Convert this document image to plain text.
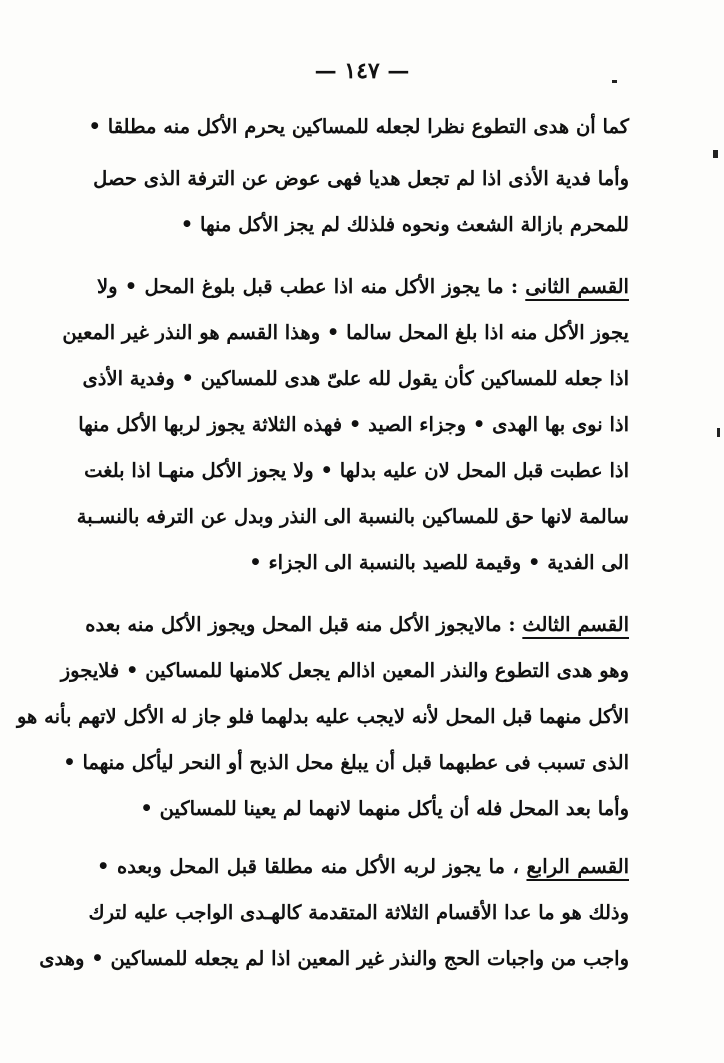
— ١٤٧ —
كما أن هدى التطوع نظرا لجعله للمساكين يحرم الأكل منه مطلقا •
وأما فدية الأذى اذا لم تجعل هديا فهى عوض عن الترفة الذى حصل
للمحرم بازالة الشعث ونحوه فلذلك لم يجز الأكل منها •
القسم الثانى : ما يجوز الأكل منه اذا عطب قبل بلوغ المحل • ولا
يجوز الأكل منه اذا بلغ المحل سالما • وهذا القسم هو النذر غير المعين
اذا جعله للمساكين كأن يقول لله علىّ هدى للمساكين • وفدية الأذى
اذا نوى بها الهدى • وجزاء الصيد • فهذه الثلاثة يجوز لربها الأكل منها
اذا عطبت قبل المحل لان عليه بدلها • ولا يجوز الأكل منهـا اذا بلغت
سالمة لانها حق للمساكين بالنسبة الى النذر وبدل عن الترفه بالنسـبة
الى الفدية • وقيمة للصيد بالنسبة الى الجزاء •
القسم الثالث : مالايجوز الأكل منه قبل المحل ويجوز الأكل منه بعده
وهو هدى التطوع والنذر المعين اذالم يجعل كلامنها للمساكين • فلايجوز
الأكل منهما قبل المحل لأنه لايجب عليه بدلهما فلو جاز له الأكل لاتهم بأنه هو
الذى تسبب فى عطبهما قبل أن يبلغ محل الذبح أو النحر ليأكل منهما •
وأما بعد المحل فله أن يأكل منهما لانهما لم يعينا للمساكين •
القسم الرابع ، ما يجوز لربه الأكل منه مطلقا قبل المحل وبعده •
وذلك هو ما عدا الأقسام الثلاثة المتقدمة كالهـدى الواجب عليه لترك
واجب من واجبات الحج والنذر غير المعين اذا لم يجعله للمساكين • وهدى
